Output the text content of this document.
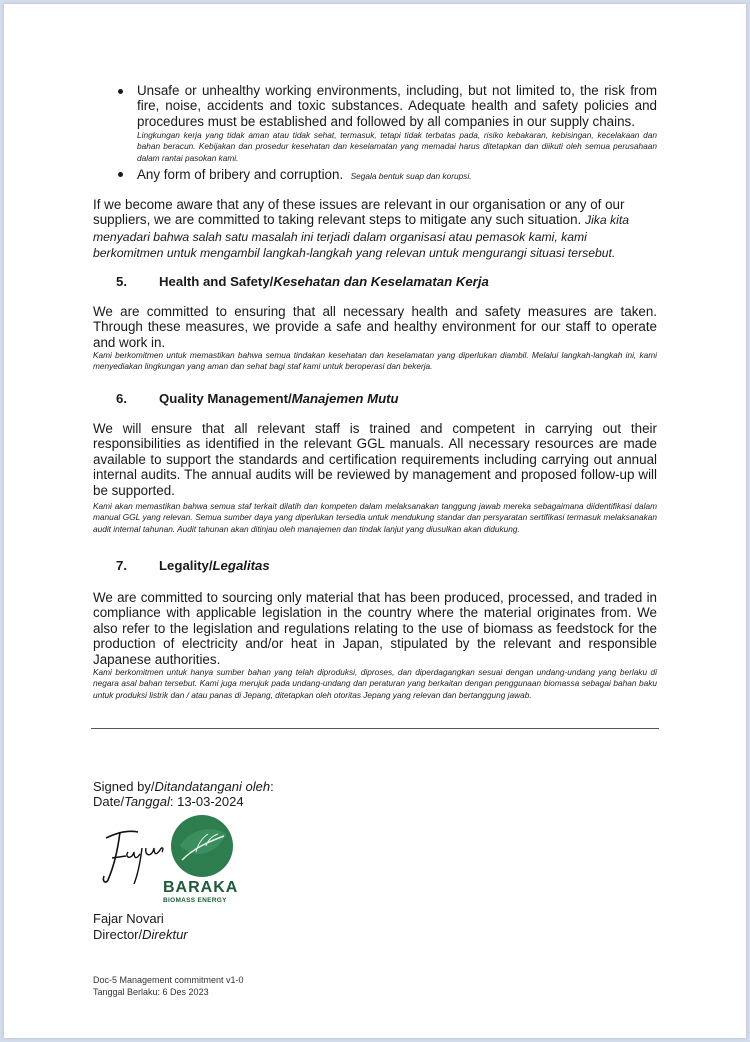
Unsafe or unhealthy working environments, including, but not limited to, the risk from fire, noise, accidents and toxic substances. Adequate health and safety policies and procedures must be established and followed by all companies in our supply chains.
Lingkungan kerja yang tidak aman atau tidak sehat, termasuk, tetapi tidak terbatas pada, risiko kebakaran, kebisingan, kecelakaan dan bahan beracun. Kebijakan dan prosedur kesehatan dan keselamatan yang memadai harus ditetapkan dan diikuti oleh semua perusahaan dalam rantai pasokan kami.
Any form of bribery and corruption. Segala bentuk suap dan korupsi.
If we become aware that any of these issues are relevant in our organisation or any of our suppliers, we are committed to taking relevant steps to mitigate any such situation. Jika kita menyadari bahwa salah satu masalah ini terjadi dalam organisasi atau pemasok kami, kami berkomitmen untuk mengambil langkah-langkah yang relevan untuk mengurangi situasi tersebut.
5. Health and Safety/Kesehatan dan Keselamatan Kerja
We are committed to ensuring that all necessary health and safety measures are taken. Through these measures, we provide a safe and healthy environment for our staff to operate and work in.
Kami berkomitmen untuk memastikan bahwa semua tindakan kesehatan dan keselamatan yang diperlukan diambil. Melalui langkah-langkah ini, kami menyediakan lingkungan yang aman dan sehat bagi staf kami untuk beroperasi dan bekerja.
6. Quality Management/Manajemen Mutu
We will ensure that all relevant staff is trained and competent in carrying out their responsibilities as identified in the relevant GGL manuals. All necessary resources are made available to support the standards and certification requirements including carrying out annual internal audits. The annual audits will be reviewed by management and proposed follow-up will be supported.
Kami akan memastikan bahwa semua staf terkait dilatih dan kompeten dalam melaksanakan tanggung jawab mereka sebagaimana diidentifikasi dalam manual GGL yang relevan. Semua sumber daya yang diperlukan tersedia untuk mendukung standar dan persyaratan sertifikasi termasuk melaksanakan audit internal tahunan. Audit tahunan akan ditinjau oleh manajemen dan tindak lanjut yang diusulkan akan didukung.
7. Legality/Legalitas
We are committed to sourcing only material that has been produced, processed, and traded in compliance with applicable legislation in the country where the material originates from. We also refer to the legislation and regulations relating to the use of biomass as feedstock for the production of electricity and/or heat in Japan, stipulated by the relevant and responsible Japanese authorities.
Kami berkomitmen untuk hanya sumber bahan yang telah diproduksi, diproses, dan diperdagangkan sesuai dengan undang-undang yang berlaku di negara asal bahan tersebut. Kami juga merujuk pada undang-undang dan peraturan yang berkaitan dengan penggunaan biomassa sebagai bahan baku untuk produksi listrik dan / atau panas di Jepang, ditetapkan oleh otoritas Jepang yang relevan dan bertanggung jawab.
Signed by/Ditandatangani oleh:
Date/Tanggal: 13-03-2024
BARAKA
BIOMASS ENERGY
Fajar Novari
Director/Direktur
Doc-5 Management commitment v1-0
Tanggal Berlaku: 6 Des 2023
